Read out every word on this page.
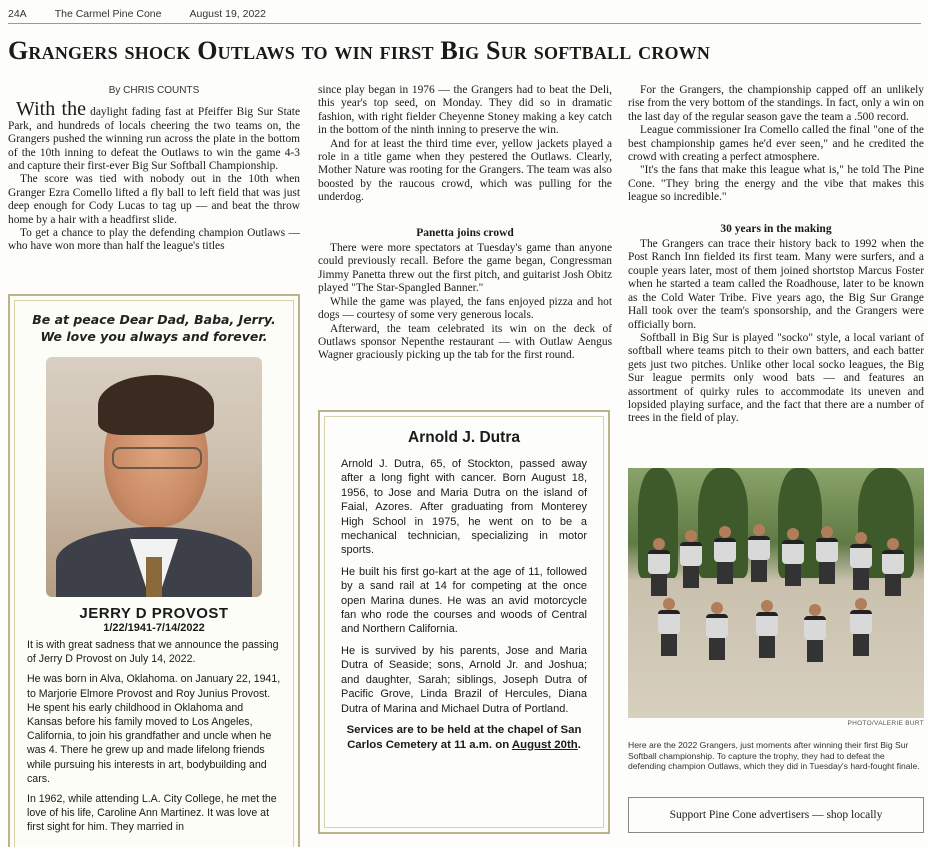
24A	The Carmel Pine Cone	August 19, 2022
Grangers shock Outlaws to win first Big Sur softball crown
By CHRIS COUNTS

With the daylight fading fast at Pfeiffer Big Sur State Park, and hundreds of locals cheering the two teams on, the Grangers pushed the winning run across the plate in the bottom of the 10th inning to defeat the Outlaws to win the game 4-3 and capture their first-ever Big Sur Softball Championship.

The score was tied with nobody out in the 10th when Granger Ezra Comello lifted a fly ball to left field that was just deep enough for Cody Lucas to tag up — and beat the throw home by a hair with a headfirst slide.

To get a chance to play the defending champion Outlaws — who have won more than half the league's titles

since play began in 1976 — the Grangers had to beat the Deli, this year's top seed, on Monday. They did so in dramatic fashion, with right fielder Cheyenne Stoney making a key catch in the bottom of the ninth inning to preserve the win.

And for at least the third time ever, yellow jackets played a role in a title game when they pestered the Outlaws. Clearly, Mother Nature was rooting for the Grangers. The team was also boosted by the raucous crowd, which was pulling for the underdog.

Panetta joins crowd

There were more spectators at Tuesday's game than anyone could previously recall. Before the game began, Congressman Jimmy Panetta threw out the first pitch, and guitarist Josh Obitz played "The Star-Spangled Banner."

While the game was played, the fans enjoyed pizza and hot dogs — courtesy of some very generous locals.

Afterward, the team celebrated its win on the deck of Outlaws sponsor Nepenthe restaurant — with Outlaw Aengus Wagner graciously picking up the tab for the first round.

For the Grangers, the championship capped off an unlikely rise from the very bottom of the standings. In fact, only a win on the last day of the regular season gave the team a .500 record.

League commissioner Ira Comello called the final "one of the best championship games he'd ever seen," and he credited the crowd with creating a perfect atmosphere.

"It's the fans that make this league what is," he told The Pine Cone. "They bring the energy and the vibe that makes this league so incredible."

30 years in the making

The Grangers can trace their history back to 1992 when the Post Ranch Inn fielded its first team. Many were surfers, and a couple years later, most of them joined shortstop Marcus Foster when he started a team called the Roadhouse, later to be known as the Cold Water Tribe. Five years ago, the Big Sur Grange Hall took over the team's sponsorship, and the Grangers were officially born.

Softball in Big Sur is played "socko" style, a local variant of softball where teams pitch to their own batters, and each batter gets just two pitches. Unlike other local socko leagues, the Big Sur league permits only wood bats — and features an assortment of quirky rules to accommodate its uneven and lopsided playing surface, and the fact that there are a number of trees in the field of play.

Be at peace Dear Dad, Baba, Jerry.
We love you always and forever.
JERRY D PROVOST
1/22/1941-7/14/2022

It is with great sadness that we announce the passing of Jerry D Provost on July 14, 2022.

He was born in Alva, Oklahoma. on January 22, 1941, to Marjorie Elmore Provost and Roy Junius Provost. He spent his early childhood in Oklahoma and Kansas before his family moved to Los Angeles, California, to join his grandfather and uncle when he was 4. There he grew up and made lifelong friends while pursuing his interests in art, bodybuilding and cars.

In 1962, while attending L.A. City College, he met the love of his life, Caroline Ann Martinez. It was love at first sight for him. They married in

Arnold J. Dutra

Arnold J. Dutra, 65, of Stockton, passed away after a long fight with cancer. Born August 18, 1956, to Jose and Maria Dutra on the island of Faial, Azores. After graduating from Monterey High School in 1975, he went on to be a mechanical technician, specializing in motor sports.

He built his first go-kart at the age of 11, followed by a sand rail at 14 for competing at the once open Marina dunes. He was an avid motorcycle fan who rode the courses and woods of Central and Northern California.

He is survived by his parents, Jose and Maria Dutra of Seaside; sons, Arnold Jr. and Joshua; and daughter, Sarah; siblings, Joseph Dutra of Pacific Grove, Linda Brazil of Hercules, Diana Dutra of Marina and Michael Dutra of Portland.

Services are to be held at the chapel of San Carlos Cemetery at 11 a.m. on August 20th.
PHOTO/VALERIE BURT
Here are the 2022 Grangers, just moments after winning their first Big Sur Softball championship. To capture the trophy, they had to defeat the defending champion Outlaws, which they did in Tuesday's hard-fought finale.
Support Pine Cone advertisers — shop locally
